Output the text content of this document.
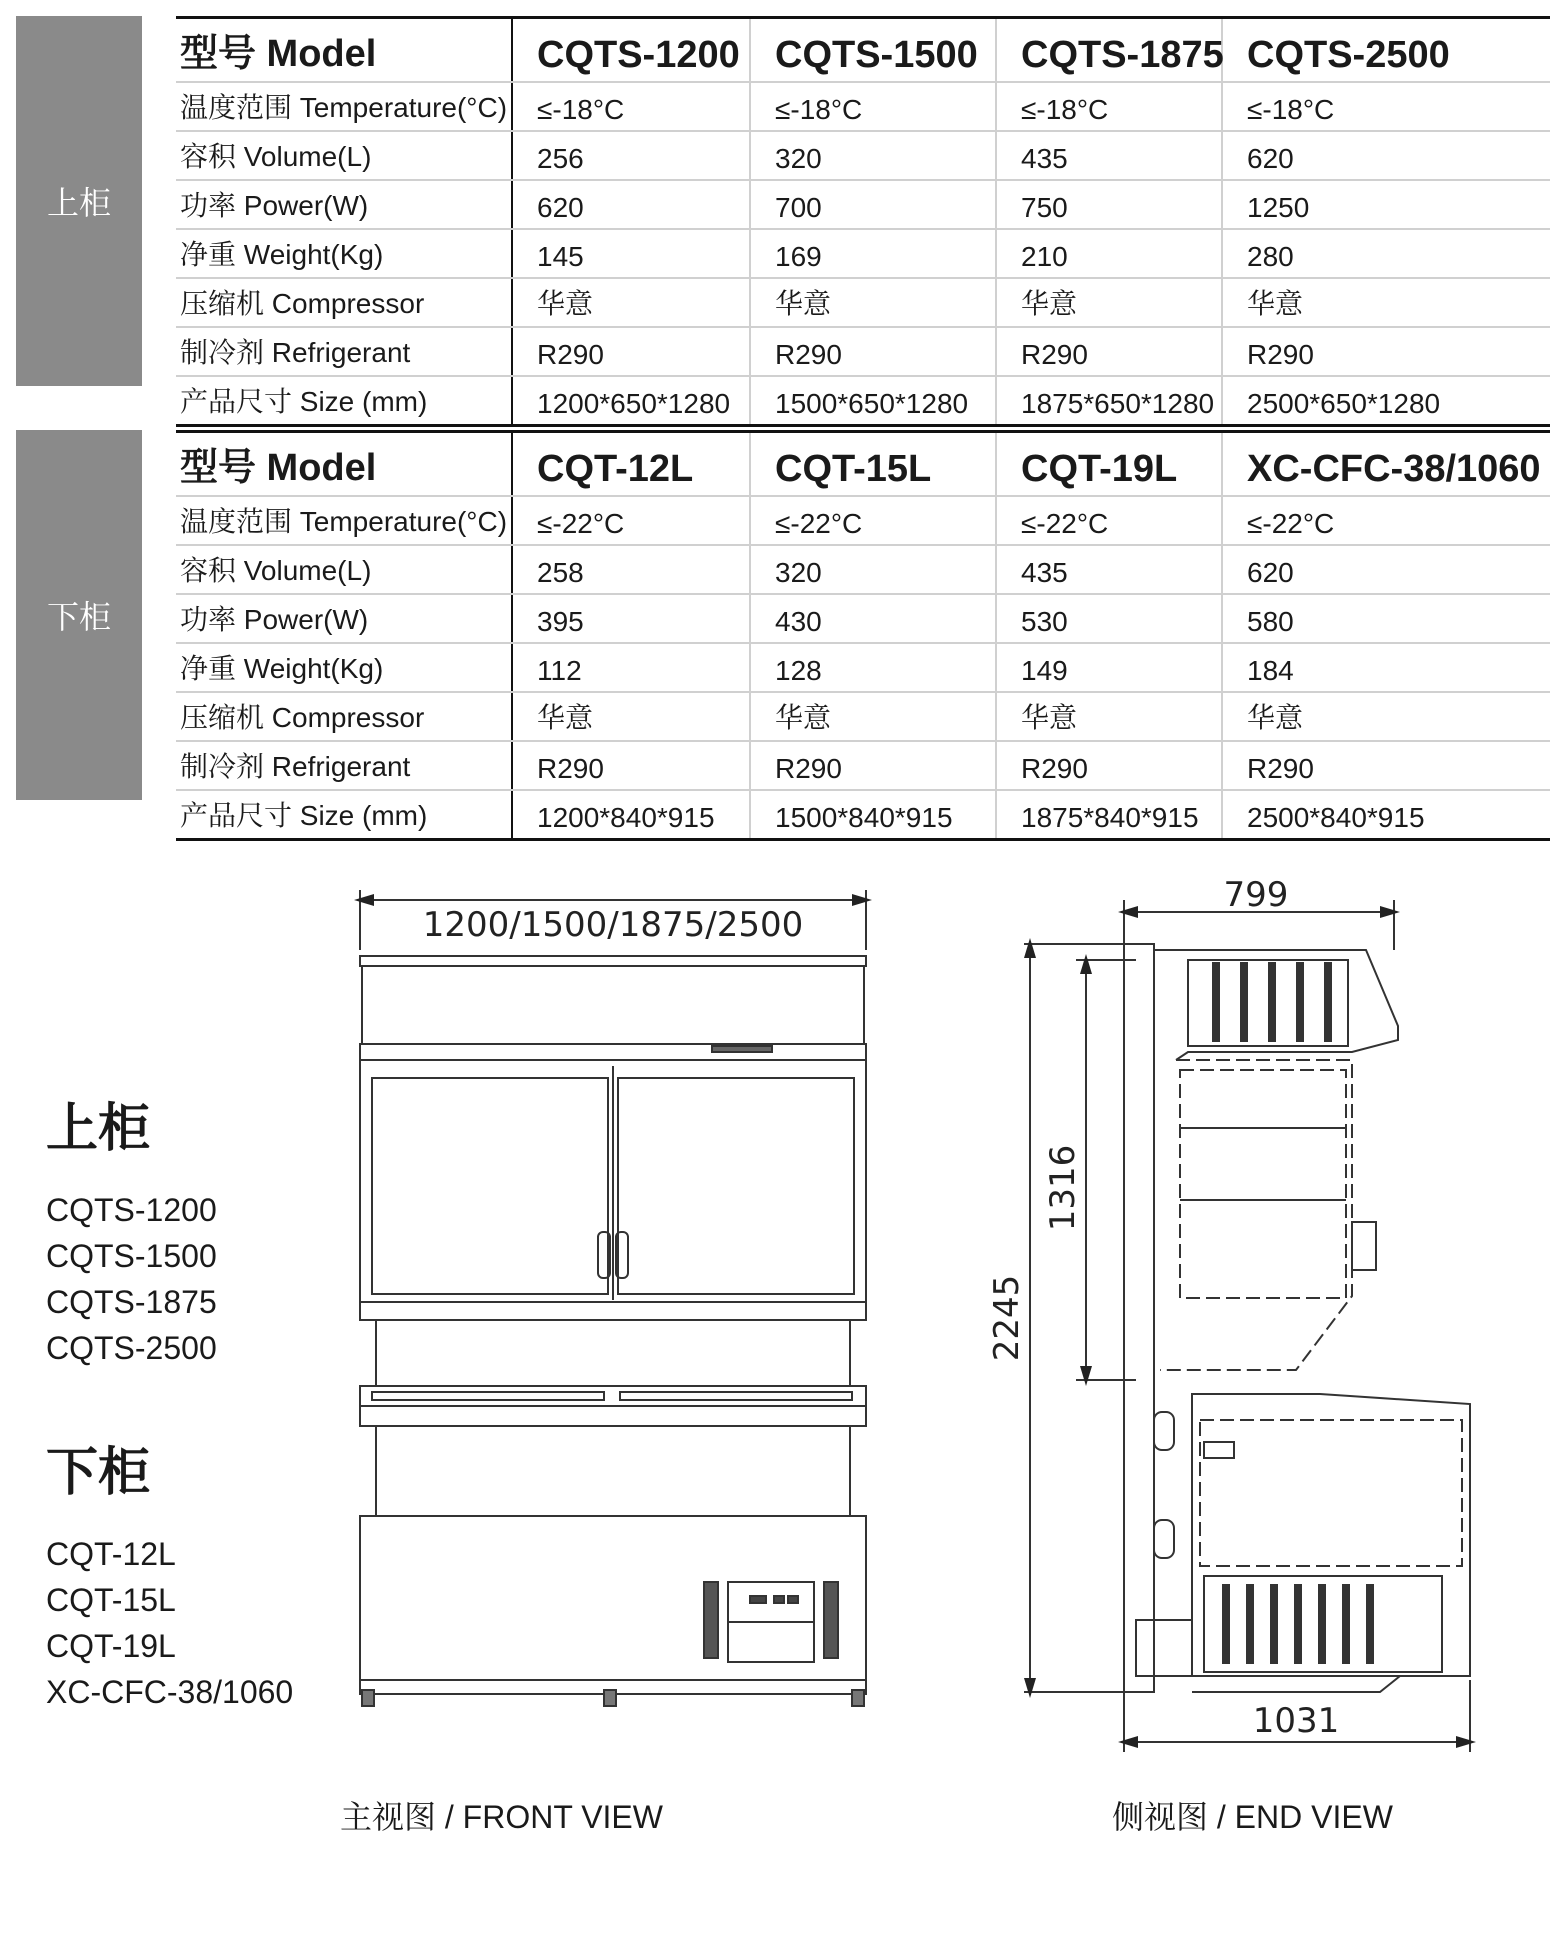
上柜
型号 Model	CQTS-1200	CQTS-1500	CQTS-1875	CQTS-2500
温度范围 Temperature(°C)	≤-18°C	≤-18°C	≤-18°C	≤-18°C
容积 Volume(L)	256	320	435	620
功率 Power(W)	620	700	750	1250
净重 Weight(Kg)	145	169	210	280
压缩机 Compressor	华意	华意	华意	华意
制冷剂 Refrigerant	R290	R290	R290	R290
产品尺寸 Size (mm)	1200*650*1280	1500*650*1280	1875*650*1280	2500*650*1280
下柜
型号 Model	CQT-12L	CQT-15L	CQT-19L	XC-CFC-38/1060
温度范围 Temperature(°C)	≤-22°C	≤-22°C	≤-22°C	≤-22°C
容积 Volume(L)	258	320	435	620
功率 Power(W)	395	430	530	580
净重 Weight(Kg)	112	128	149	184
压缩机 Compressor	华意	华意	华意	华意
制冷剂 Refrigerant	R290	R290	R290	R290
产品尺寸 Size (mm)	1200*840*915	1500*840*915	1875*840*915	2500*840*915
上柜
CQTS-1200
CQTS-1500
CQTS-1875
CQTS-2500
下柜
CQT-12L
CQT-15L
CQT-19L
XC-CFC-38/1060
1200/1500/1875/2500
799
1031
1316
2245
主视图 / FRONT VIEW	侧视图 / END VIEW
